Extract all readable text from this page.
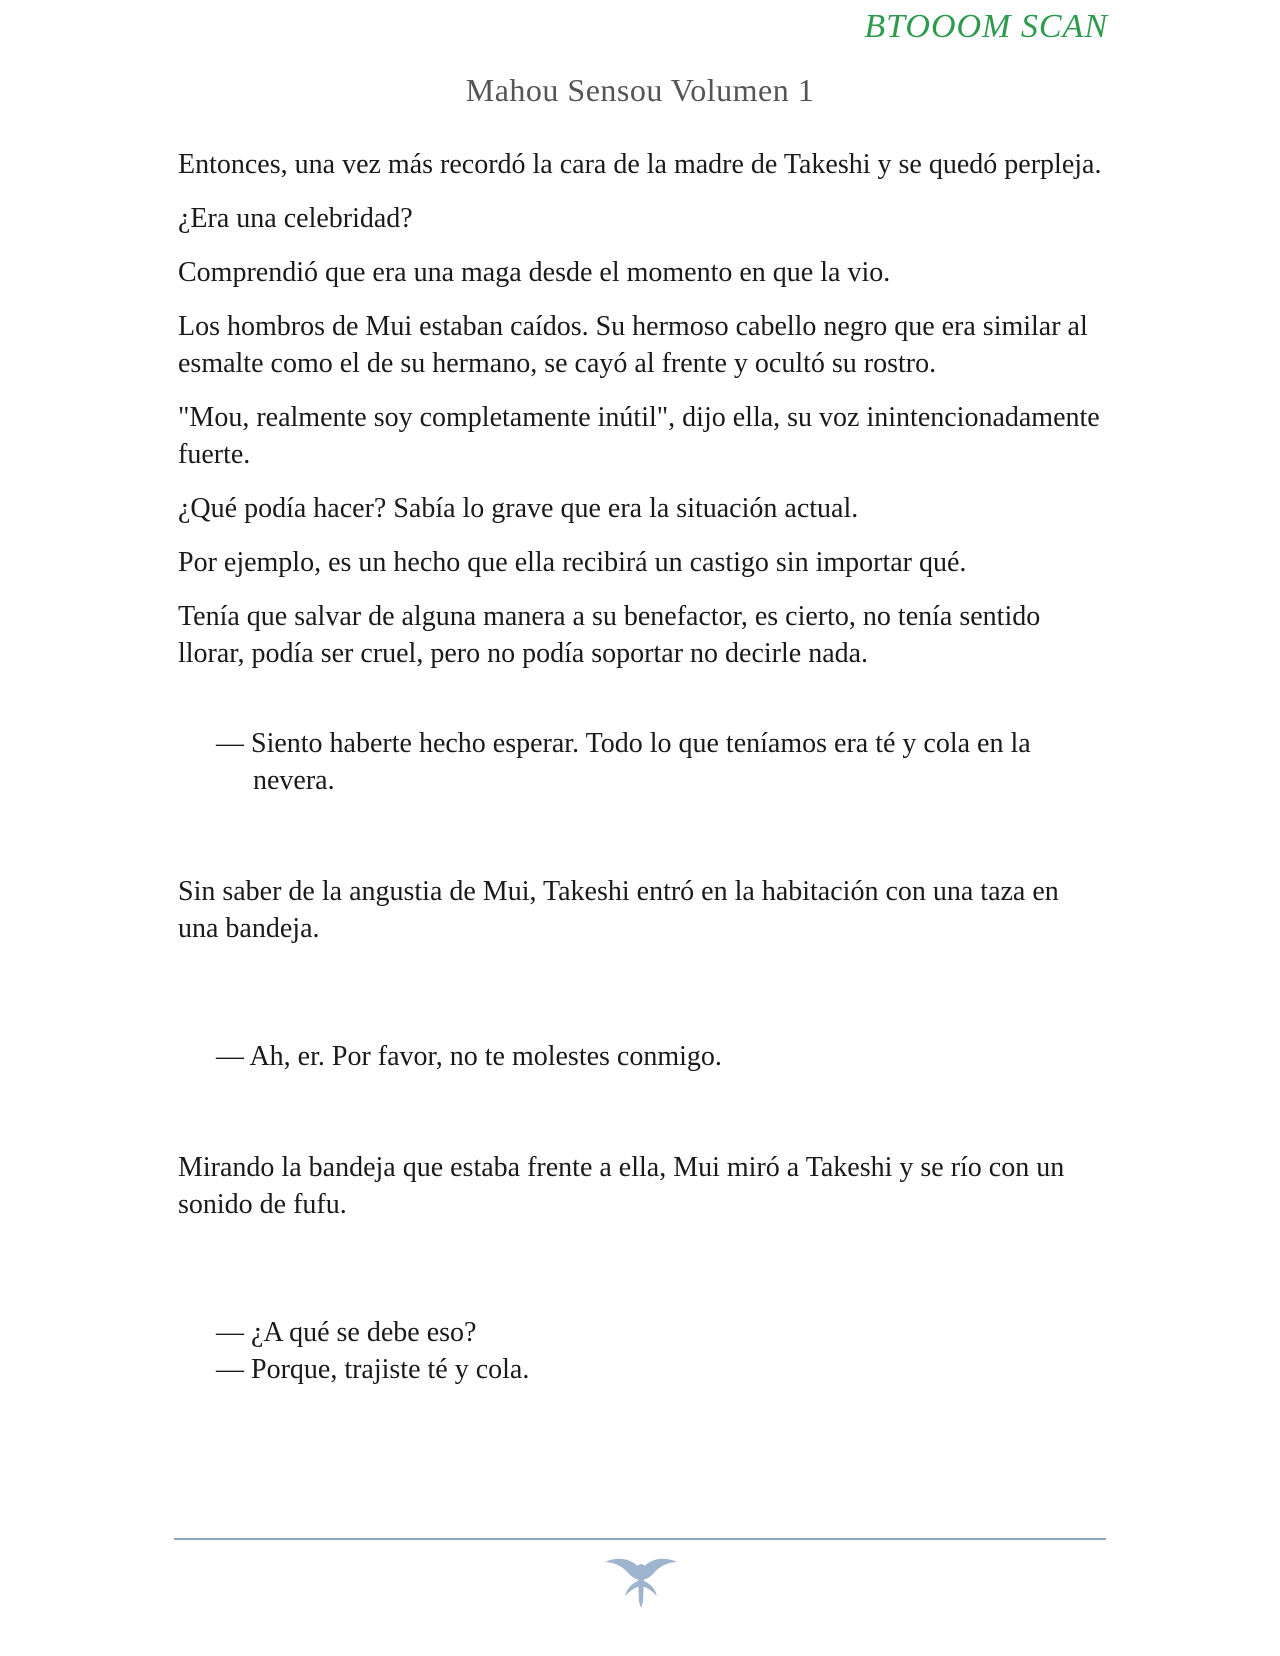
BTOOOM SCAN
Mahou Sensou Volumen 1

Entonces, una vez más recordó la cara de la madre de Takeshi y se quedó perpleja.

¿Era una celebridad?

Comprendió que era una maga desde el momento en que la vio.

Los hombros de Mui estaban caídos. Su hermoso cabello negro que era similar al esmalte como el de su hermano, se cayó al frente y ocultó su rostro.

"Mou, realmente soy completamente inútil", dijo ella, su voz inintencionadamente fuerte.

¿Qué podía hacer? Sabía lo grave que era la situación actual.

Por ejemplo, es un hecho que ella recibirá un castigo sin importar qué.

Tenía que salvar de alguna manera a su benefactor, es cierto, no tenía sentido llorar, podía ser cruel, pero no podía soportar no decirle nada.

— Siento haberte hecho esperar. Todo lo que teníamos era té y cola en la nevera.

Sin saber de la angustia de Mui, Takeshi entró en la habitación con una taza en una bandeja.

— Ah, er. Por favor, no te molestes conmigo.

Mirando la bandeja que estaba frente a ella, Mui miró a Takeshi y se río con un sonido de fufu.

— ¿A qué se debe eso?

— Porque, trajiste té y cola.
